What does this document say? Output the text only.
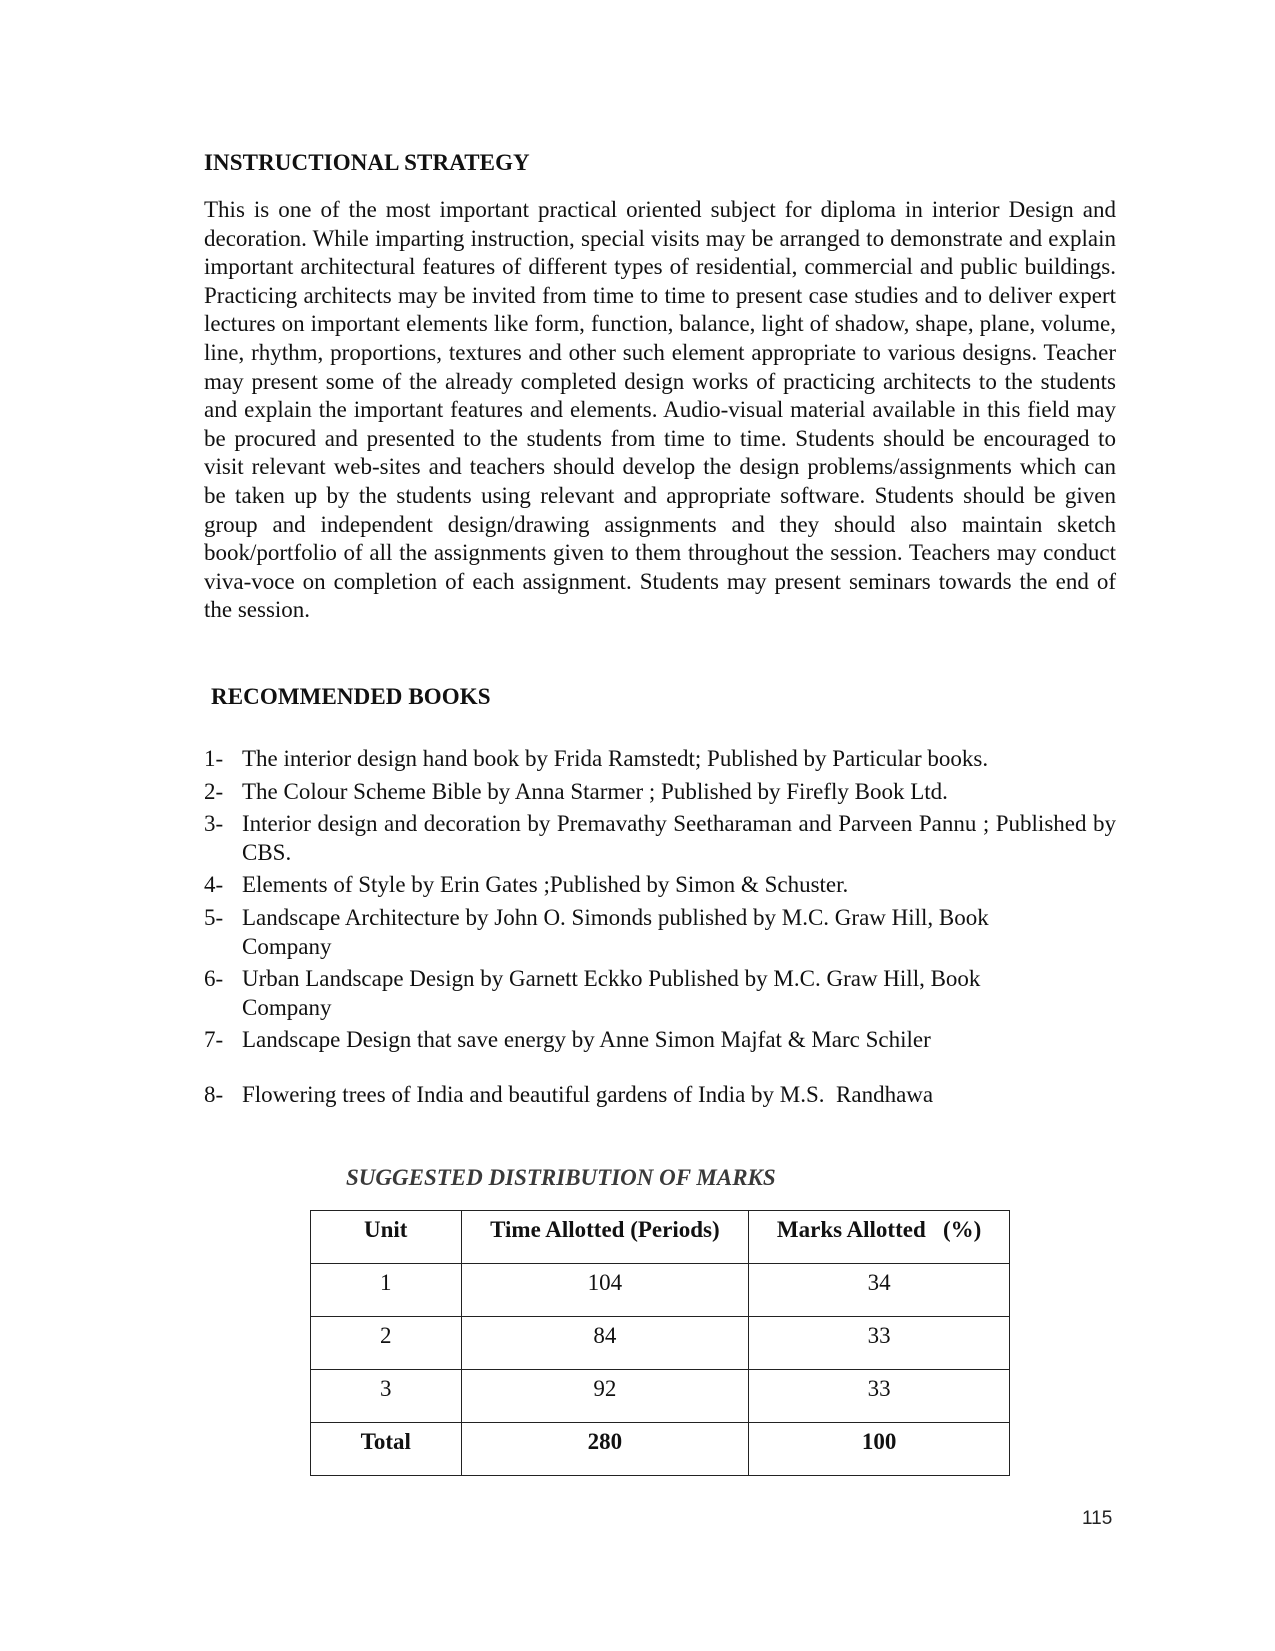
INSTRUCTIONAL STRATEGY

This is one of the most important practical oriented subject for diploma in interior Design and decoration. While imparting instruction, special visits may be arranged to demonstrate and explain important architectural features of different types of residential, commercial and public buildings. Practicing architects may be invited from time to time to present case studies and to deliver expert lectures on important elements like form, function, balance, light of shadow, shape, plane, volume, line, rhythm, proportions, textures and other such element appropriate to various designs. Teacher may present some of the already completed design works of practicing architects to the students and explain the important features and elements. Audio-visual material available in this field may be procured and presented to the students from time to time. Students should be encouraged to visit relevant web-sites and teachers should develop the design problems/assignments which can be taken up by the students using relevant and appropriate software. Students should be given group and independent design/drawing assignments and they should also maintain sketch book/portfolio of all the assignments given to them throughout the session. Teachers may conduct viva-voce on completion of each assignment. Students may present seminars towards the end of the session.

RECOMMENDED BOOKS
1- The interior design hand book by Frida Ramstedt; Published by Particular books.
2- The Colour Scheme Bible by Anna Starmer ; Published by Firefly Book Ltd.
3- Interior design and decoration by Premavathy Seetharaman and Parveen Pannu ; Published by CBS.
4- Elements of Style by Erin Gates ;Published by Simon & Schuster.
5- Landscape Architecture by John O. Simonds published by M.C. Graw Hill, Book Company
6- Urban Landscape Design by Garnett Eckko Published by M.C. Graw Hill, Book Company
7- Landscape Design that save energy by Anne Simon Majfat & Marc Schiler
8- Flowering trees of India and beautiful gardens of India by M.S.  Randhawa
SUGGESTED DISTRIBUTION OF MARKS
Unit	Time Allotted (Periods)	Marks Allotted   (%)
1	104	34
2	84	33
3	92	33
Total	280	100
115
